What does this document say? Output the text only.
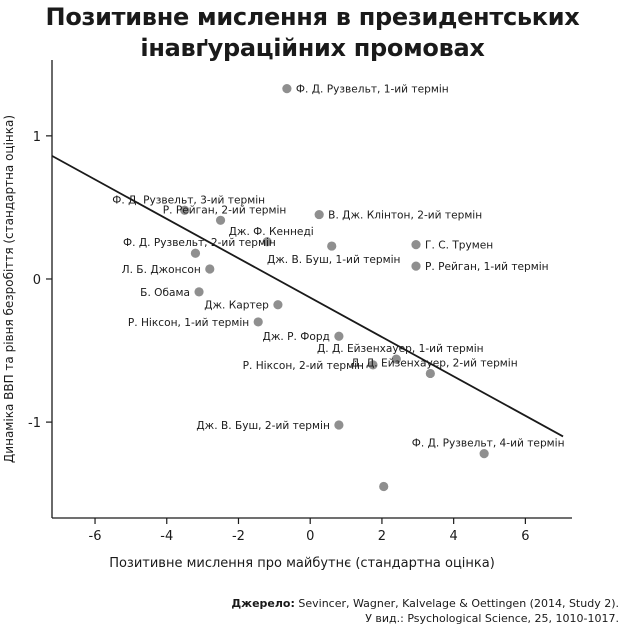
Позитивне мислення в президентських
інавґураційних промовах
-6	-4	-2	0	2	4	6
-1
0
1
Ф. Д. Рузвельт, 1-ий термін
Ф. Д. Рузвельт, 3-ий термін
Р. Рейган, 2-ий термін	В. Дж. Клінтон, 2-ий термін
Дж. Ф. Кеннеді
Ф. Д. Рузвельт, 2-ий термін
Дж. В. Буш, 1-ий термін
Г. С. Трумен
Р. Рейган, 1-ий термін
Л. Б. Джонсон
Б. Обама
Дж. Картер
Р. Ніксон, 1-ий термін
Дж. Р. Форд
Д. Д. Ейзенхауер, 1-ий термін
Д. Д. Ейзенхауер, 2-ий термін
Р. Ніксон, 2-ий термін
Дж. В. Буш, 2-ий термін
Ф. Д. Рузвельт, 4-ий термін
Позитивне мислення про майбутнє (стандартна оцінка)
Динаміка ВВП та рівня безробіття (стандартна оцінка)
Джерело: Sevincer, Wagner, Kalvelage & Oettingen (2014, Study 2).
У вид.: Psychological Science, 25, 1010-1017.
